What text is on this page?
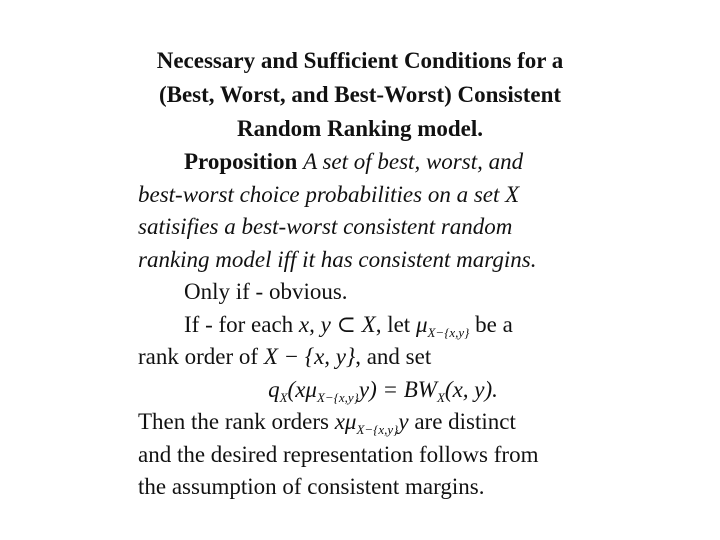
Necessary and Sufficient Conditions for a
(Best, Worst, and Best-Worst) Consistent
Random Ranking model.
Proposition A set of best, worst, and
best-worst choice probabilities on a set X
satisifies a best-worst consistent random
ranking model iff it has consistent margins.
Only if - obvious.
If - for each x, y ⊂ X, let $\mu_{X-\{x,y\}}$ be a
rank order of X − {x, y}, and set
$q_X(x\mu_{X-\{x,y\}}y) = BW_X(x$, y).
Then the rank orders $x\mu_{X-\{x,y\}}y$ are distinct
and the desired representation follows from
the assumption of consistent margins.
